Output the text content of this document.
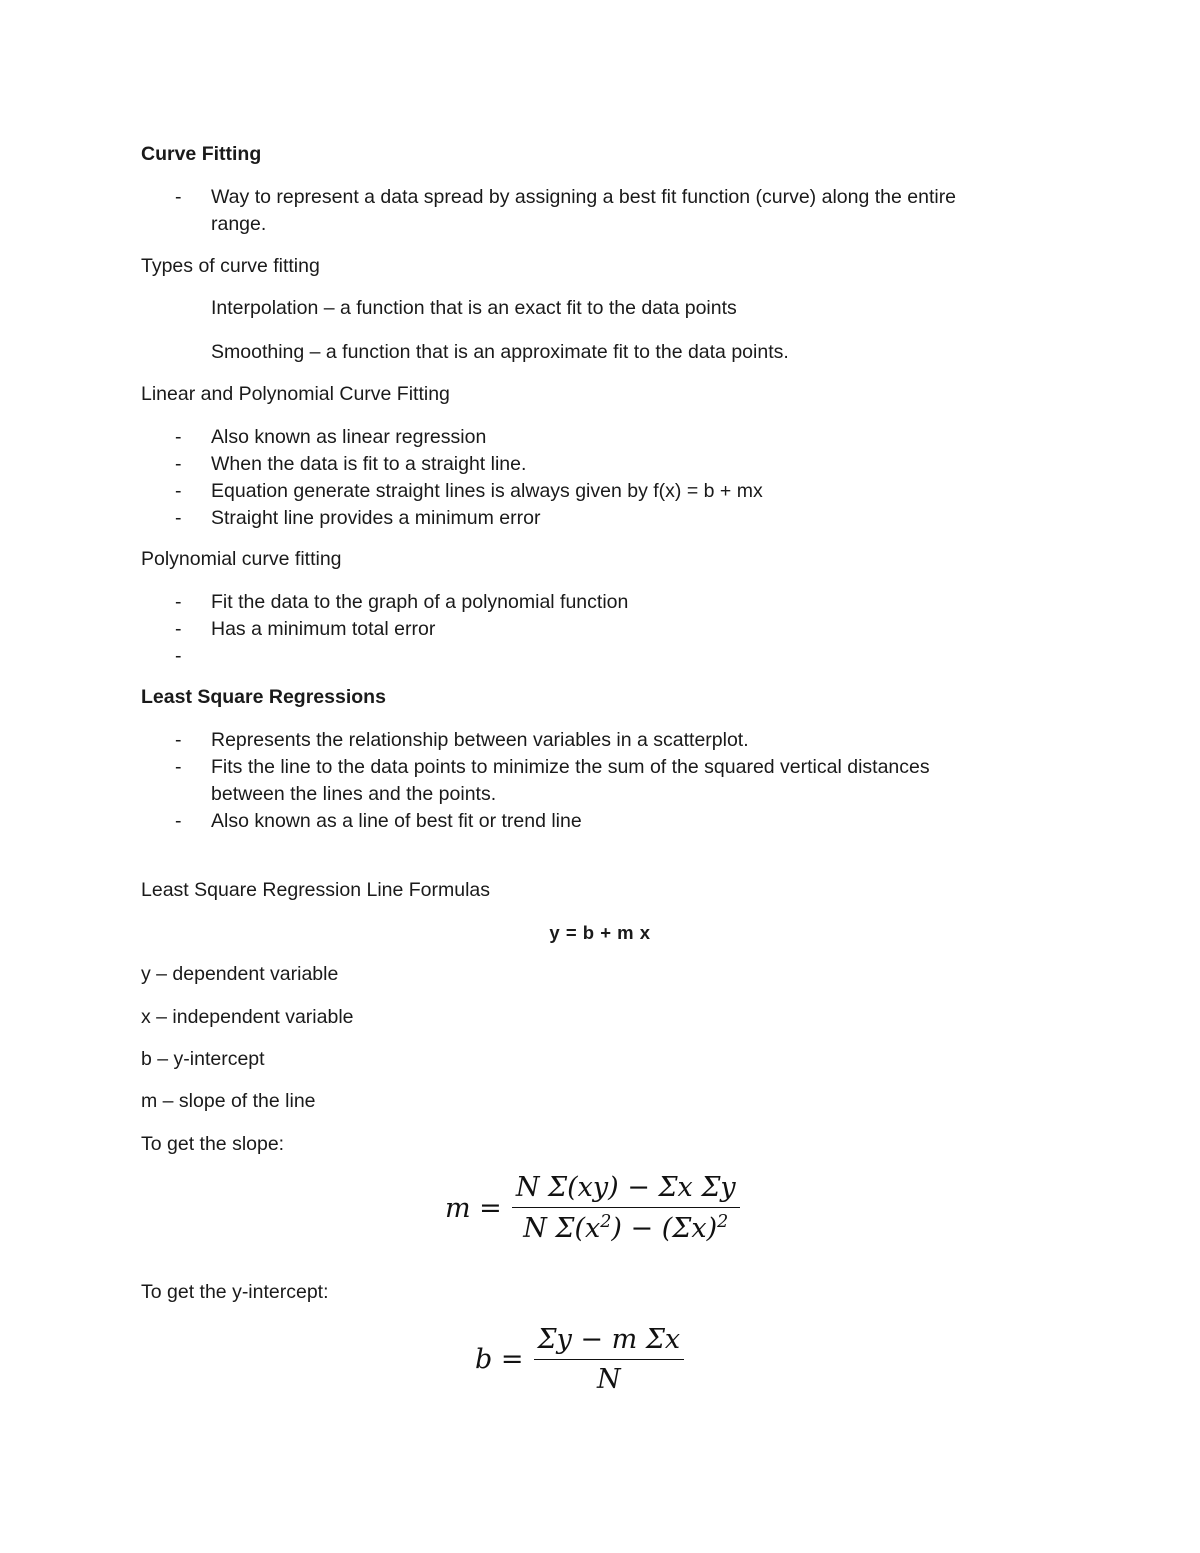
Curve Fitting
- Way to represent a data spread by assigning a best fit function (curve) along the entire
range.
Types of curve fitting
Interpolation – a function that is an exact fit to the data points
Smoothing – a function that is an approximate fit to the data points.
Linear and Polynomial Curve Fitting
- Also known as linear regression
- When the data is fit to a straight line.
- Equation generate straight lines is always given by f(x) = b + mx
- Straight line provides a minimum error
Polynomial curve fitting
- Fit the data to the graph of a polynomial function
- Has a minimum total error
-
Least Square Regressions
- Represents the relationship between variables in a scatterplot.
- Fits the line to the data points to minimize the sum of the squared vertical distances
between the lines and the points.
- Also known as a line of best fit or trend line
Least Square Regression Line Formulas
y = b + m x
y – dependent variable
x – independent variable
b – y-intercept
m – slope of the line
To get the slope:
$m = \frac{\text{N Σ(xy) − Σx Σy}}{N \Sigma(x^2) - (\Sigma x)^2}$
To get the y-intercept:
$b = \frac{\text{Σy − m Σx}}{N}$
